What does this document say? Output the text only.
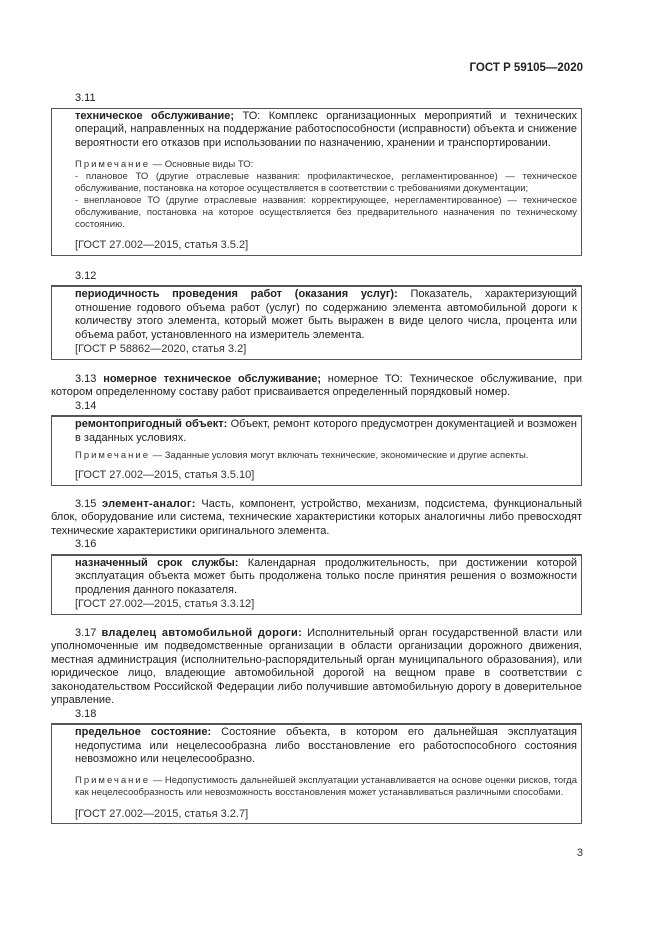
ГОСТ Р 59105—2020
3.11

техническое обслуживание; ТО: Комплекс организационных мероприятий и технических операций, направленных на поддержание работоспособности (исправности) объекта и снижение вероятности его отказов при использовании по назначению, хранении и транспортировании.

Примечание — Основные виды ТО:

- плановое ТО (другие отраслевые названия: профилактическое, регламентированное) — техническое обслуживание, постановка на которое осуществляется в соответствии с требованиями документации;

- внеплановое ТО (другие отраслевые названия: корректирующее, нерегламентированное) — техническое обслуживание, постановка на которое осуществляется без предварительного назначения по техническому состоянию.

[ГОСТ 27.002—2015, статья 3.5.2]

3.12

периодичность проведения работ (оказания услуг): Показатель, характеризующий отношение годового объема работ (услуг) по содержанию элемента автомобильной дороги к количеству этого элемента, который может быть выражен в виде целого числа, процента или объема работ, установленного на измеритель элемента.

[ГОСТ Р 58862—2020, статья 3.2]

3.13 номерное техническое обслуживание; номерное ТО: Техническое обслуживание, при котором определенному составу работ присваивается определенный порядковый номер.

3.14

ремонтопригодный объект: Объект, ремонт которого предусмотрен документацией и возможен в заданных условиях.

Примечание — Заданные условия могут включать технические, экономические и другие аспекты.

[ГОСТ 27.002—2015, статья 3.5.10]

3.15 элемент-аналог: Часть, компонент, устройство, механизм, подсистема, функциональный блок, оборудование или система, технические характеристики которых аналогичны либо превосходят технические характеристики оригинального элемента.

3.16

назначенный срок службы: Календарная продолжительность, при достижении которой эксплуатация объекта может быть продолжена только после принятия решения о возможности продления данного показателя.

[ГОСТ 27.002—2015, статья 3.3.12]

3.17 владелец автомобильной дороги: Исполнительный орган государственной власти или уполномоченные им подведомственные организации в области организации дорожного движения, местная администрация (исполнительно-распорядительный орган муниципального образования), или юридическое лицо, владеющие автомобильной дорогой на вещном праве в соответствии с законодательством Российской Федерации либо получившие автомобильную дорогу в доверительное управление.

3.18

предельное состояние: Состояние объекта, в котором его дальнейшая эксплуатация недопустима или нецелесообразна либо восстановление его работоспособного состояния невозможно или нецелесообразно.

Примечание — Недопустимость дальнейшей эксплуатации устанавливается на основе оценки рисков, тогда как нецелесообразность или невозможность восстановления может устанавливаться различными способами.

[ГОСТ 27.002—2015, статья 3.2.7]

3
